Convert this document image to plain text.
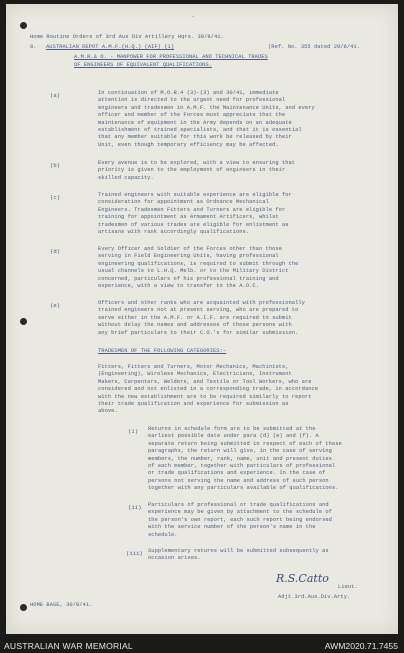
-
Home Routine Orders of 3rd Aus Div Artillery Hqrs. 30/8/41.
8. AUSTRALIAN DEPOT A.M.F.(H.Q.) (AIF) (1)	(Ref. No. 355 dated 29/8/41.
A.M.R.& O. - MANPOWER FOR PROFESSIONAL AND TECHNICAL TRADES
OF ENGINEERS OF EQUIVALENT QUALIFICATIONS.
(a)	In continuation of M.O.R.4 (3)-(3) and 30/41, immediate
attention is directed to the urgent need for professional
engineers and tradesmen in A.M.F. the Maintenance Units, and every
officer and member of the Forces must appreciate that the
maintenance of equipment in the Army depends on an adequate
establishment of trained specialists, and that it is essential
that any member suitable for this work be released by their
Unit, even though temporary efficiency may be affected.
(b)	Every avenue is to be explored, with a view to ensuring that
priority is given to the employment of engineers in their
skilled capacity.
(c)	Trained engineers with suitable experience are eligible for
consideration for appointment as Ordnance Mechanical
Engineers. Tradesmen Fitters and Turners are eligible for
training for appointment as Armament Artificers, whilst
tradesmen of various trades are eligible for enlistment as
artisans with rank accordingly qualifications.
(d)	Every Officer and Soldier of the Forces other than those
serving in Field Engineering Units, having professional
engineering qualifications, is required to submit through the
usual channels to L.H.Q. Melb. or to the Military District
concerned, particulars of his professional training and
experience, with a view to transfer to the A.O.C.
(e)	Officers and other ranks who are acquainted with professionally
trained engineers not at present serving, who are prepared to
serve either in the A.M.F. or A.I.F. are required to submit
without delay the names and addresses of those persons with
any brief particulars to their C.O.'s for similar submission.
TRADESMEN OF THE FOLLOWING CATEGORIES:-
Fitters, Fitters and Turners, Motor Mechanics, Machinists,
(Engineering), Wireless Mechanics, Electricians, Instrument
Makers, Carpenters, Welders, and Textile or Tool Workers, who are
considered and not enlisted in a corresponding trade, in accordance
with the new establishment are to be required similarly to report
their trade qualification and experience for submission as
above.
(i) Returns in schedule form are to be submitted at the
earliest possible date under para (d) (e) and (f). A
separate return being submitted in respect of each of these
paragraphs, the return will give, in the case of serving
members, the number, rank, name, unit and present duties
of each member, together with particulars of professional
or trade qualifications and experience. In the case of
persons not serving the name and address of such person
together with any particulars available of qualifications.
(ii) Particulars of professional or trade qualifications and
experience may be given by attachment to the schedule of
the person's own report, each such report being endorsed
with the service number of the person's name in the
schedule.
(iii) Supplementary returns will be submitted subsequently as
occasion arises.
R.S.Catto
Lieut.
Adjt.3rd.Aus.Div.Arty.
HOME BASE, 30/8/41.
AUSTRALIAN WAR MEMORIAL	AWM2020.71.7455
